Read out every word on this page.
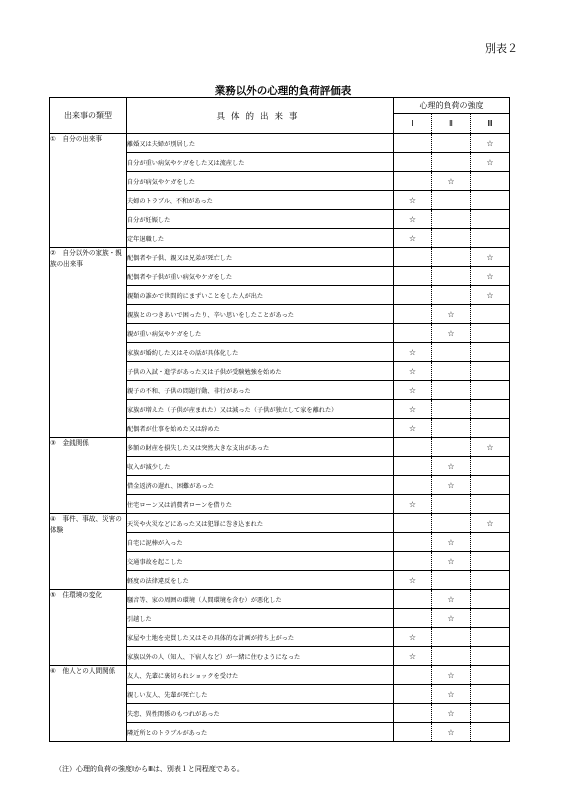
別表２
業務以外の心理的負荷評価表
出来事の類型	具体的出来事	心理的負荷の強度		
		Ⅰ	Ⅱ	Ⅲ
①　自分の出来事	離婚又は夫婦が別居した			☆
	自分が重い病気やケガをした又は流産した			☆
	自分が病気やケガをした		☆	
	夫婦のトラブル、不和があった	☆		
	自分が妊娠した	☆		
	定年退職した	☆		
②　自分以外の家族・親族の出来事	配偶者や子供、親又は兄弟が死亡した			☆
	配偶者や子供が重い病気やケガをした			☆
	親類の誰かで世間的にまずいことをした人が出た			☆
	親族とのつきあいで困ったり、辛い思いをしたことがあった		☆	
	親が重い病気やケガをした		☆	
	家族が婚約した又はその話が具体化した	☆		
	子供の入試・進学があった又は子供が受験勉強を始めた	☆		
	親子の不和、子供の問題行動、非行があった	☆		
	家族が増えた（子供が産まれた）又は減った（子供が独立して家を離れた）	☆		
	配偶者が仕事を始めた又は辞めた	☆		
③　金銭関係	多額の財産を損失した又は突然大きな支出があった			☆
	収入が減少した		☆	
	借金返済の遅れ、困難があった		☆	
	住宅ローン又は消費者ローンを借りた	☆		
④　事件、事故、災害の体験	天災や火災などにあった又は犯罪に巻き込まれた			☆
	自宅に泥棒が入った		☆	
	交通事故を起こした		☆	
	軽度の法律違反をした	☆		
⑤　住環境の変化	騒音等、家の周囲の環境（人間環境を含む）が悪化した		☆	
	引越した		☆	
	家屋や土地を売買した又はその具体的な計画が持ち上がった	☆		
	家族以外の人（知人、下宿人など）が一緒に住むようになった	☆		
⑥　他人との人間関係	友人、先輩に裏切られショックを受けた		☆	
	親しい友人、先輩が死亡した		☆	
	失恋、異性関係のもつれがあった		☆	
	隣近所とのトラブルがあった		☆	
（注）心理的負荷の強度ⅠからⅢは、別表１と同程度である。
